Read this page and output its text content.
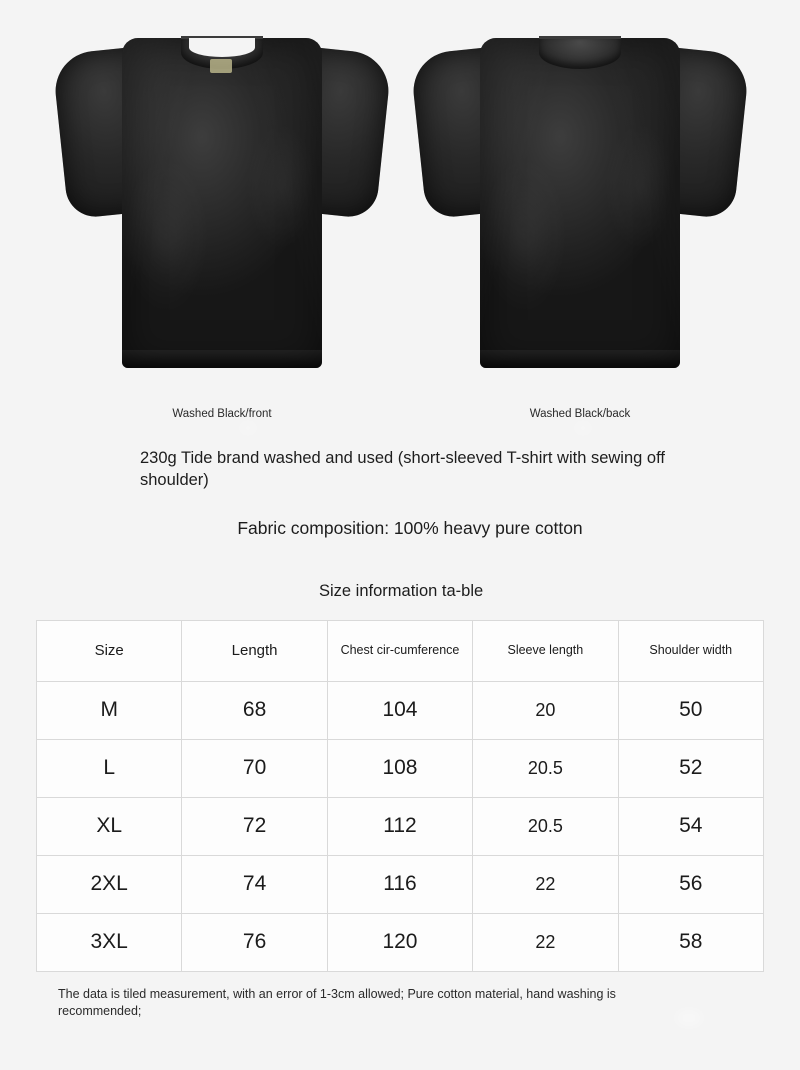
Washed Black/front	Washed Black/back
230g Tide brand washed and used (short-sleeved T-shirt with sewing off shoulder)
Fabric composition: 100% heavy pure cotton
Size information ta-ble
Size	Length	Chest cir-cumference	Sleeve length	Shoulder width
M	68	104	20	50
L	70	108	20.5	52
XL	72	112	20.5	54
2XL	74	116	22	56
3XL	76	120	22	58
The data is tiled measurement, with an error of 1-3cm allowed; Pure cotton material, hand washing is recommended;
